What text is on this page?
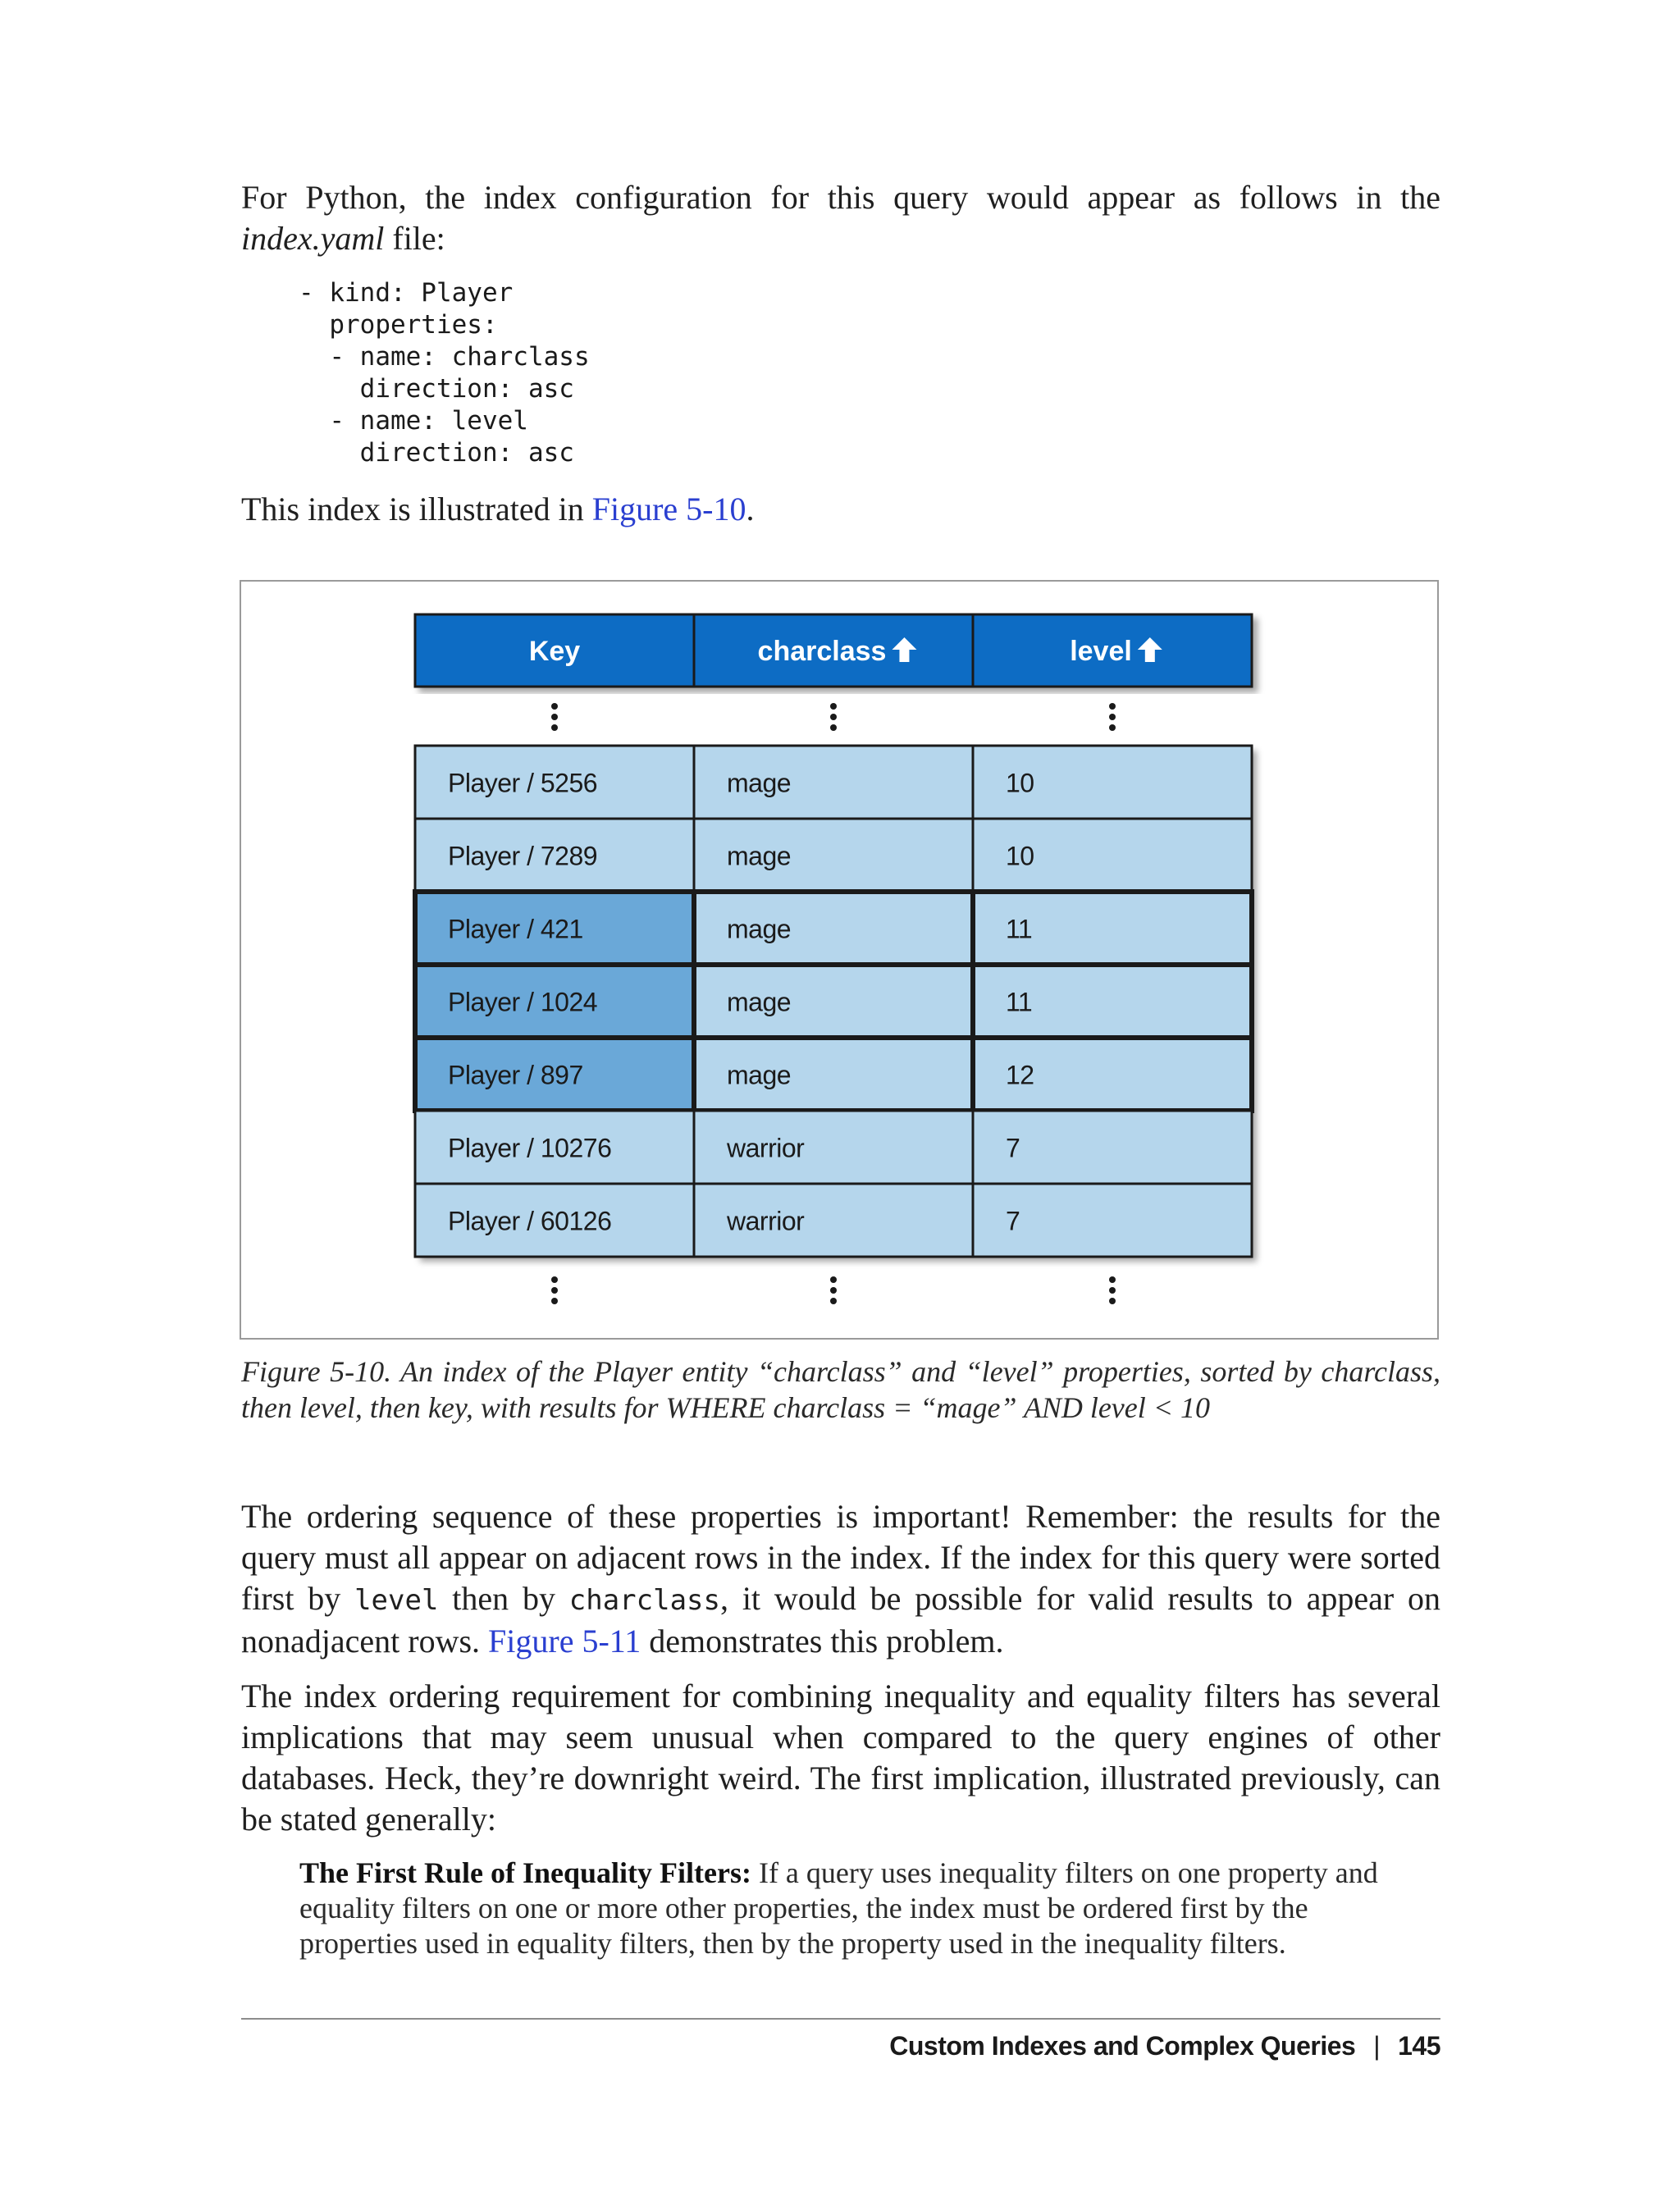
For Python, the index configuration for this query would appear as follows in the
index.yaml file:
- kind: Player
properties:
- name: charclass
direction: asc
- name: level
direction: asc
This index is illustrated in Figure 5-10.
Key	charclass	level
Player / 5256	mage	10
Player / 7289	mage	10
Player / 421	mage	11
Player / 1024	mage	11
Player / 897	mage	12
Player / 10276	warrior	7
Player / 60126	warrior	7
Figure 5-10. An index of the Player entity “charclass” and “level” properties, sorted by charclass, then level, then key, with results for WHERE charclass = “mage” AND level < 10
The ordering sequence of these properties is important! Remember: the results for the query must all appear on adjacent rows in the index. If the index for this query were sorted first by level then by charclass, it would be possible for valid results to appear on nonadjacent rows. Figure 5-11 demonstrates this problem.
The index ordering requirement for combining inequality and equality filters has several implications that may seem unusual when compared to the query engines of other databases. Heck, they’re downright weird. The first implication, illustrated previously, can be stated generally:
The First Rule of Inequality Filters: If a query uses inequality filters on one property and equality filters on one or more other properties, the index must be ordered first by the properties used in equality filters, then by the property used in the inequality filters.
Custom Indexes and Complex Queries | 145
